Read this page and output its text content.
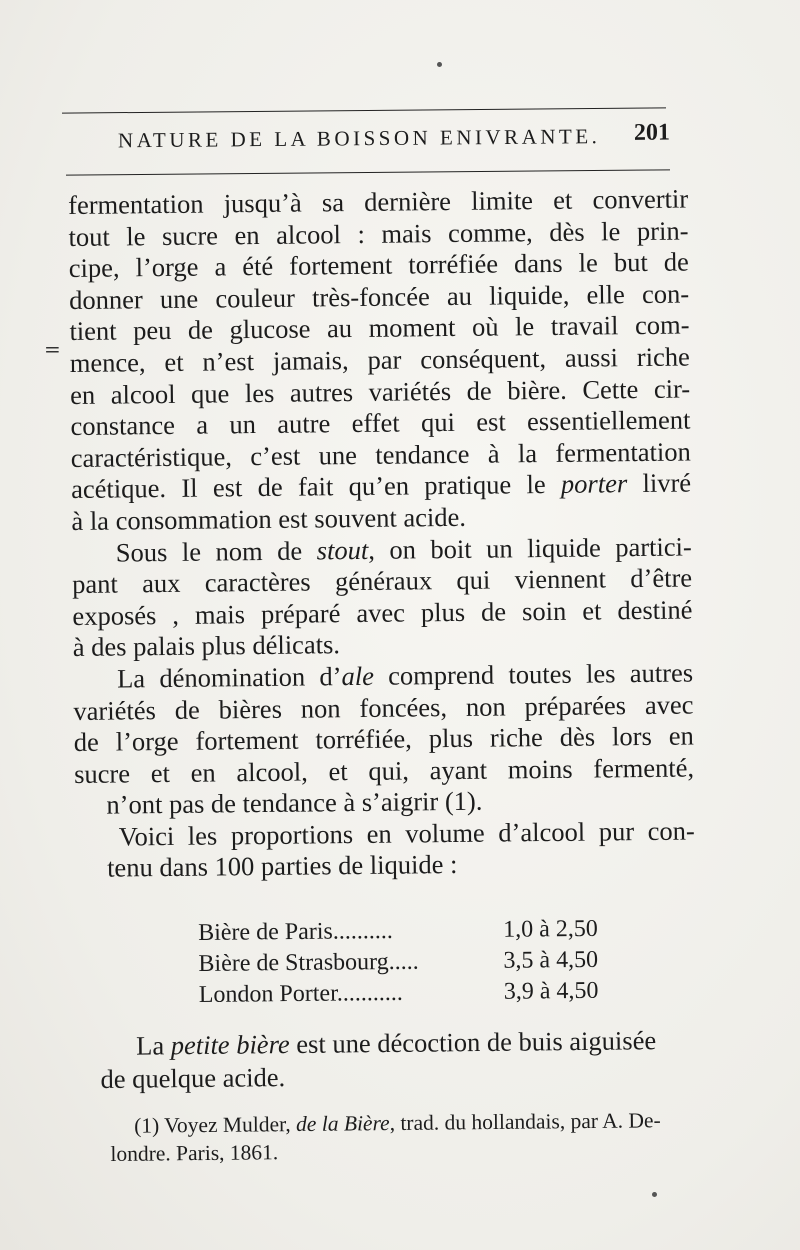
NATURE DE LA BOISSON ENIVRANTE. 201
=
fermentation jusqu’à sa dernière limite et convertir
tout le sucre en alcool : mais comme, dès le prin-
cipe, l’orge a été fortement torréfiée dans le but de
donner une couleur très-foncée au liquide, elle con-
tient peu de glucose au moment où le travail com-
mence, et n’est jamais, par conséquent, aussi riche
en alcool que les autres variétés de bière. Cette cir-
constance a un autre effet qui est essentiellement
caractéristique, c’est une tendance à la fermentation
acétique. Il est de fait qu’en pratique le porter livré
à la consommation est souvent acide.
Sous le nom de stout, on boit un liquide partici-
pant aux caractères généraux qui viennent d’être
exposés , mais préparé avec plus de soin et destiné
à des palais plus délicats.
La dénomination d’ale comprend toutes les autres
variétés de bières non foncées, non préparées avec
de l’orge fortement torréfiée, plus riche dès lors en
sucre et en alcool, et qui, ayant moins fermenté,
n’ont pas de tendance à s’aigrir (1).
Voici les proportions en volume d’alcool pur con-
tenu dans 100 parties de liquide :
Bière de Paris..........	1,0 à 2,50
Bière de Strasbourg.....	3,5 à 4,50
London Porter...........	3,9 à 4,50
La petite bière est une décoction de buis aiguisée
de quelque acide.
(1) Voyez Mulder, de la Bière, trad. du hollandais, par A. De-
londre. Paris, 1861.
